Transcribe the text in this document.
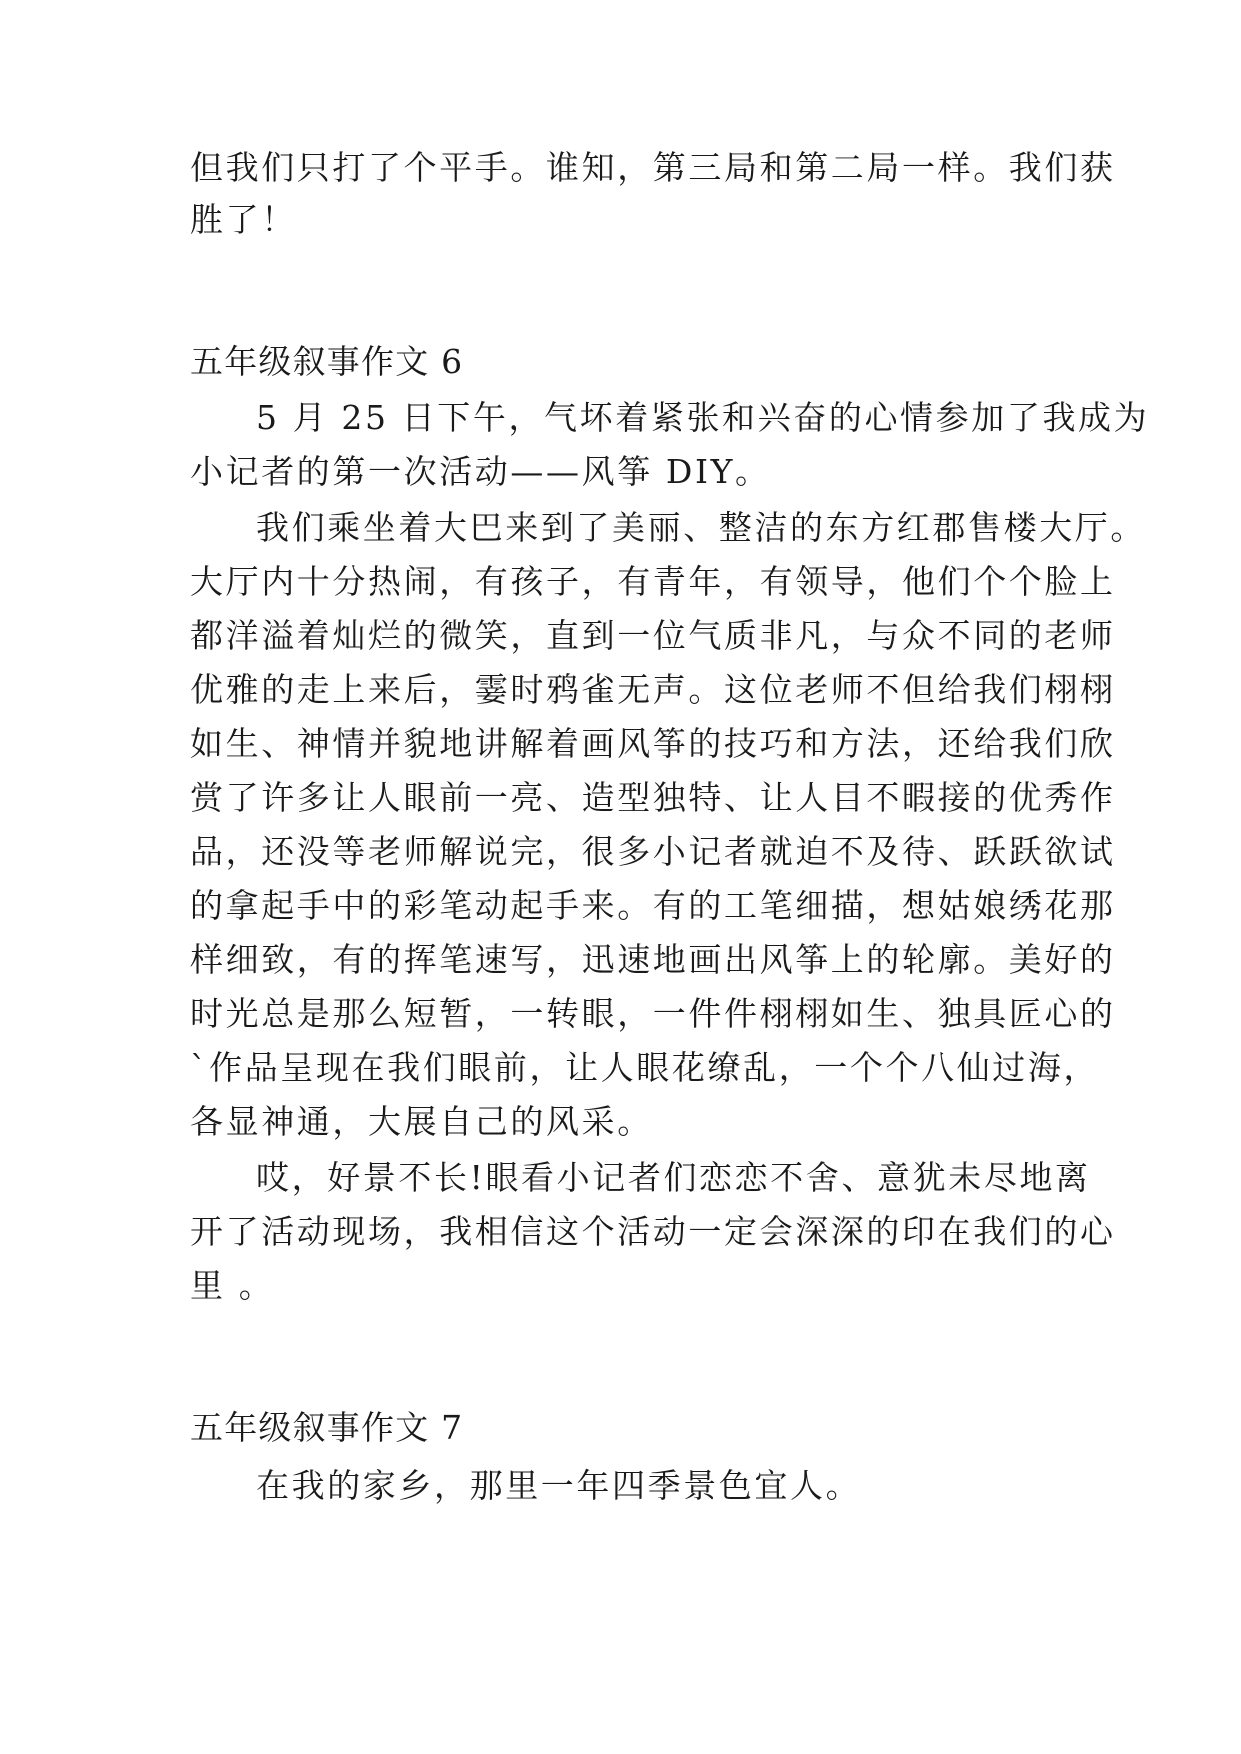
但我们只打了个平手。谁知，第三局和第二局一样。我们获
胜了！
五年级叙事作文 6
5 月 25 日下午，气坏着紧张和兴奋的心情参加了我成为
小记者的第一次活动——风筝 DIY。
我们乘坐着大巴来到了美丽、整洁的东方红郡售楼大厅。
大厅内十分热闹，有孩子，有青年，有领导，他们个个脸上
都洋溢着灿烂的微笑，直到一位气质非凡，与众不同的老师
优雅的走上来后，霎时鸦雀无声。这位老师不但给我们栩栩
如生、神情并貌地讲解着画风筝的技巧和方法，还给我们欣
赏了许多让人眼前一亮、造型独特、让人目不暇接的优秀作
品，还没等老师解说完，很多小记者就迫不及待、跃跃欲试
的拿起手中的彩笔动起手来。有的工笔细描，想姑娘绣花那
样细致，有的挥笔速写，迅速地画出风筝上的轮廓。美好的
时光总是那么短暂，一转眼，一件件栩栩如生、独具匠心的
`作品呈现在我们眼前，让人眼花缭乱，一个个八仙过海，
各显神通，大展自己的风采。
哎，好景不长!眼看小记者们恋恋不舍、意犹未尽地离
开了活动现场，我相信这个活动一定会深深的印在我们的心
里 。
五年级叙事作文 7
在我的家乡，那里一年四季景色宜人。
